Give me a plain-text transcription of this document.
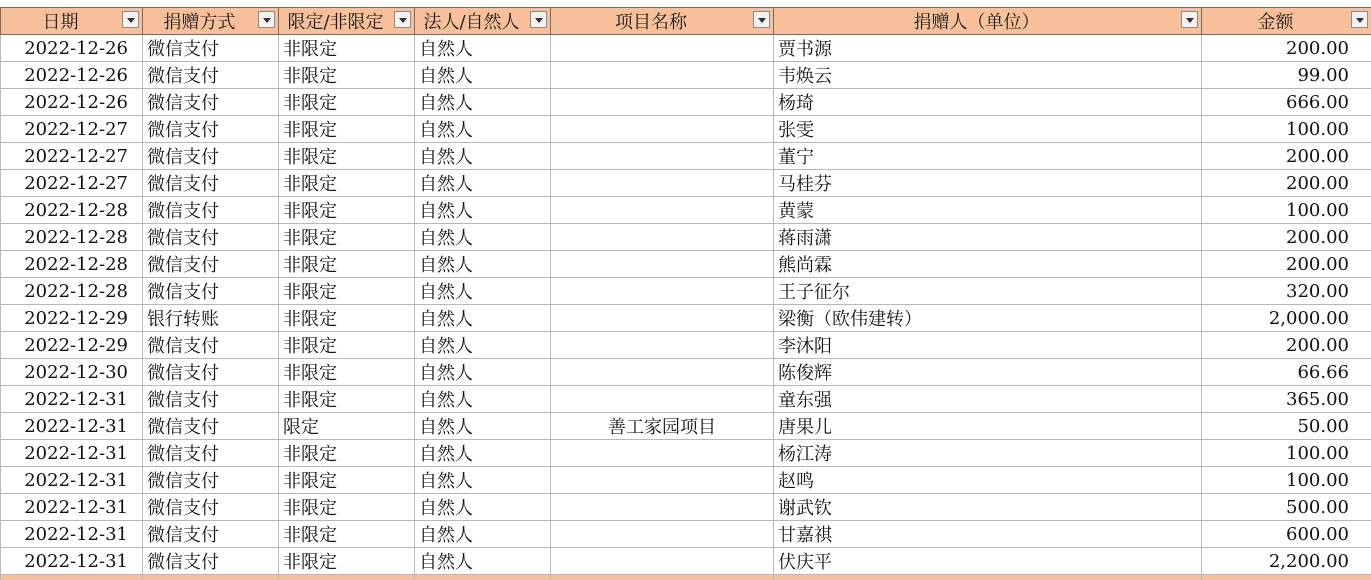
日期	捐赠方式	限定/非限定	法人/自然人	项目名称	捐赠人（单位）	金额

2022-12-26	微信支付	非限定	自然人		贾书源	200.00
2022-12-26	微信支付	非限定	自然人		韦焕云	99.00
2022-12-26	微信支付	非限定	自然人		杨琦	666.00
2022-12-27	微信支付	非限定	自然人		张雯	100.00
2022-12-27	微信支付	非限定	自然人		董宁	200.00
2022-12-27	微信支付	非限定	自然人		马桂芬	200.00
2022-12-28	微信支付	非限定	自然人		黄蒙	100.00
2022-12-28	微信支付	非限定	自然人		蒋雨潇	200.00
2022-12-28	微信支付	非限定	自然人		熊尚霖	200.00
2022-12-28	微信支付	非限定	自然人		王子征尔	320.00
2022-12-29	银行转账	非限定	自然人		梁衡（欧伟建转）	2,000.00
2022-12-29	微信支付	非限定	自然人		李沐阳	200.00
2022-12-30	微信支付	非限定	自然人		陈俊辉	66.66
2022-12-31	微信支付	非限定	自然人		童东强	365.00
2022-12-31	微信支付	限定	自然人	善工家园项目	唐果儿	50.00
2022-12-31	微信支付	非限定	自然人		杨江涛	100.00
2022-12-31	微信支付	非限定	自然人		赵鸣	100.00
2022-12-31	微信支付	非限定	自然人		谢武钦	500.00
2022-12-31	微信支付	非限定	自然人		甘嘉祺	600.00
2022-12-31	微信支付	非限定	自然人		伏庆平	2,200.00
